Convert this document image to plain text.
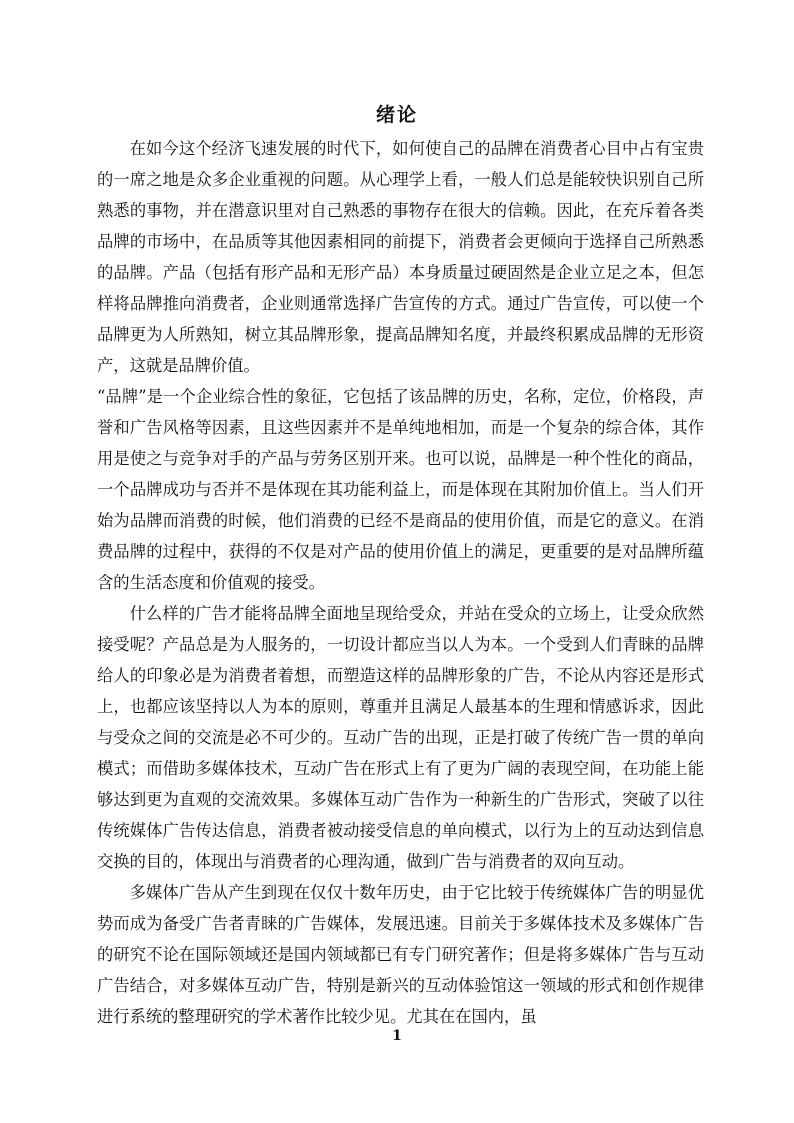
绪论

在如今这个经济飞速发展的时代下，如何使自己的品牌在消费者心目中占有宝贵的一席之地是众多企业重视的问题。从心理学上看，一般人们总是能较快识别自己所熟悉的事物，并在潜意识里对自己熟悉的事物存在很大的信赖。因此，在充斥着各类品牌的市场中，在品质等其他因素相同的前提下，消费者会更倾向于选择自己所熟悉的品牌。产品（包括有形产品和无形产品）本身质量过硬固然是企业立足之本，但怎样将品牌推向消费者，企业则通常选择广告宣传的方式。通过广告宣传，可以使一个品牌更为人所熟知，树立其品牌形象，提高品牌知名度，并最终积累成品牌的无形资产，这就是品牌价值。

“品牌”是一个企业综合性的象征，它包括了该品牌的历史，名称，定位，价格段，声誉和广告风格等因素，且这些因素并不是单纯地相加，而是一个复杂的综合体，其作用是使之与竞争对手的产品与劳务区别开来。也可以说，品牌是一种个性化的商品，一个品牌成功与否并不是体现在其功能利益上，而是体现在其附加价值上。当人们开始为品牌而消费的时候，他们消费的已经不是商品的使用价值，而是它的意义。在消费品牌的过程中，获得的不仅是对产品的使用价值上的满足，更重要的是对品牌所蕴含的生活态度和价值观的接受。

什么样的广告才能将品牌全面地呈现给受众，并站在受众的立场上，让受众欣然接受呢？产品总是为人服务的，一切设计都应当以人为本。一个受到人们青睐的品牌给人的印象必是为消费者着想，而塑造这样的品牌形象的广告，不论从内容还是形式上，也都应该坚持以人为本的原则，尊重并且满足人最基本的生理和情感诉求，因此与受众之间的交流是必不可少的。互动广告的出现，正是打破了传统广告一贯的单向模式；而借助多媒体技术，互动广告在形式上有了更为广阔的表现空间，在功能上能够达到更为直观的交流效果。多媒体互动广告作为一种新生的广告形式，突破了以往传统媒体广告传达信息，消费者被动接受信息的单向模式，以行为上的互动达到信息交换的目的，体现出与消费者的心理沟通，做到广告与消费者的双向互动。

多媒体广告从产生到现在仅仅十数年历史，由于它比较于传统媒体广告的明显优势而成为备受广告者青睐的广告媒体，发展迅速。目前关于多媒体技术及多媒体广告的研究不论在国际领域还是国内领域都已有专门研究著作；但是将多媒体广告与互动广告结合，对多媒体互动广告，特别是新兴的互动体验馆这一领域的形式和创作规律进行系统的整理研究的学术著作比较少见。尤其在在国内，虽

1
